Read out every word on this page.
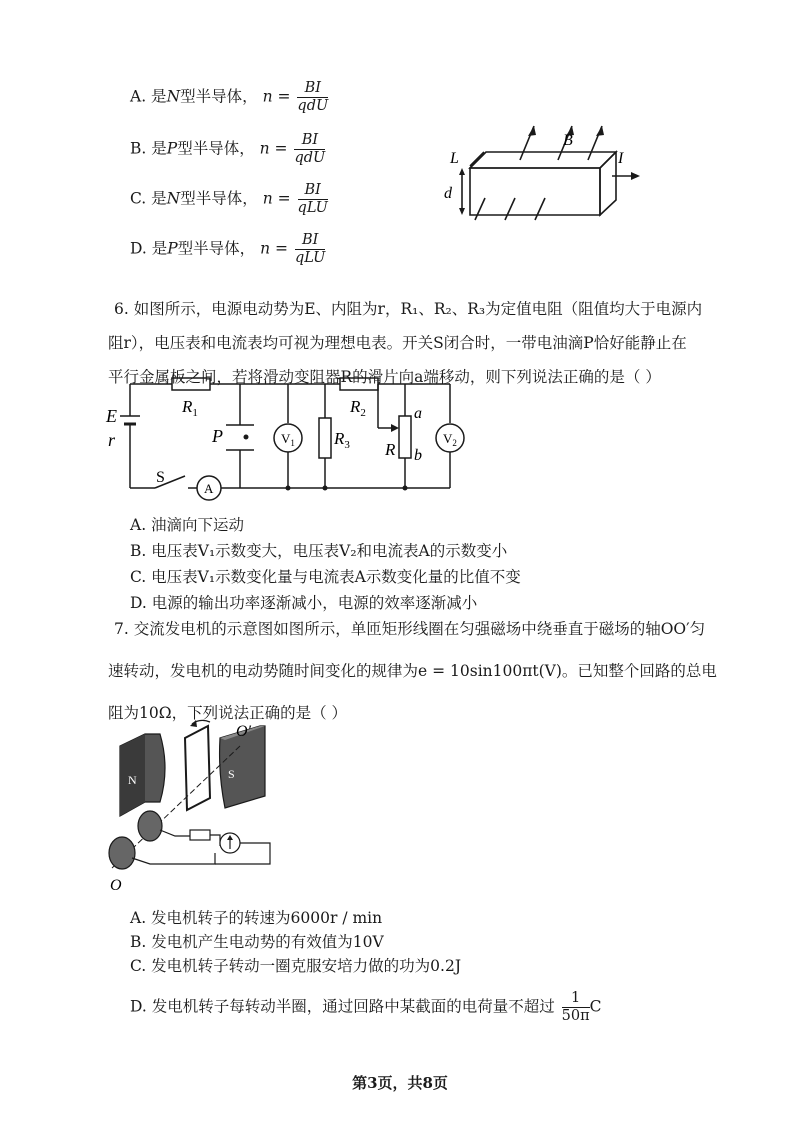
A. 是N型半导体， $n = \frac{BI}{\text{qdU}}$
B. 是P型半导体， $n = \frac{BI}{\text{qdU}}$
C. 是N型半导体， $n = \frac{BI}{\text{qLU}}$
D. 是P型半导体， $n = \frac{BI}{\text{qLU}}$
B
L
d
I
6. 如图所示，电源电动势为E、内阻为r，R₁、R₂、R₃为定值电阻（阻值均大于电源内
阻r），电压表和电流表均可视为理想电表。开关S闭合时，一带电油滴P恰好能静止在
平行金属板之间，若将滑动变阻器R的滑片向a端移动，则下列说法正确的是（ ）
E
r
$R_1$	$R_2$
$R_3$ R
a
b
P	$V_1$	$V_2$
S
A
A. 油滴向下运动
B. 电压表V₁示数变大，电压表V₂和电流表A的示数变小
C. 电压表V₁示数变化量与电流表A示数变化量的比值不变
D. 电源的输出功率逐渐减小，电源的效率逐渐减小
7. 交流发电机的示意图如图所示，单匝矩形线圈在匀强磁场中绕垂直于磁场的轴OO′匀
速转动，发电机的电动势随时间变化的规律为e = 10sin100πt(V)。已知整个回路的总电
阻为10Ω，下列说法正确的是（ ）
N	S
O
O′
A. 发电机转子的转速为6000r / min
B. 发电机产生电动势的有效值为10V
C. 发电机转子转动一圈克服安培力做的功为0.2J
D. 发电机转子每转动半圈，通过回路中某截面的电荷量不超过 $\frac{1}{50\pi}$ C
第3页，共8页
